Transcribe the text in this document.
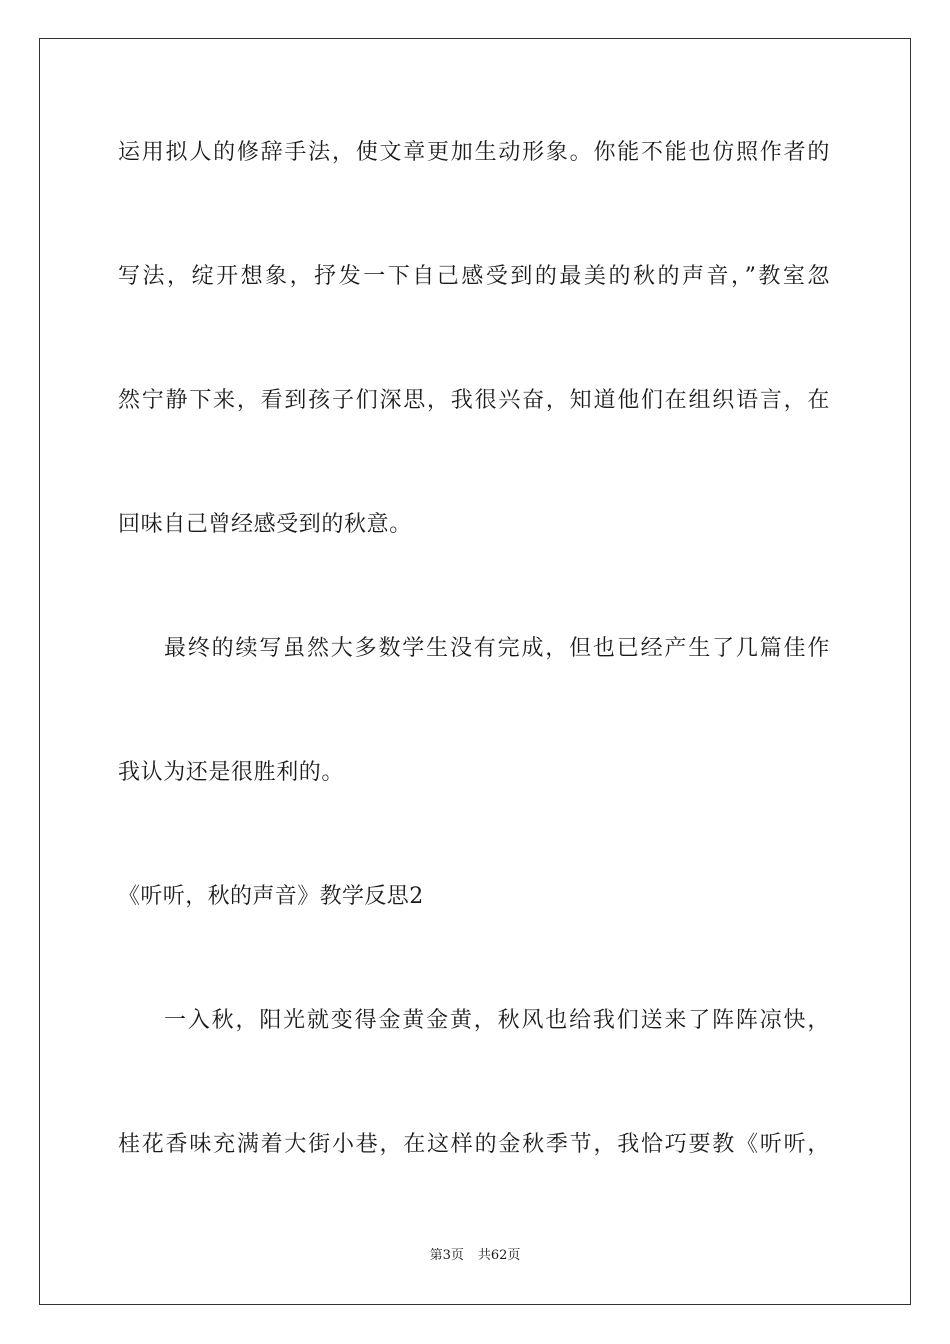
运用拟人的修辞手法，使文章更加生动形象。你能不能也仿照作者的
写法，绽开想象，抒发一下自己感受到的最美的秋的声音，”教室忽
然宁静下来，看到孩子们深思，我很兴奋，知道他们在组织语言，在
回味自己曾经感受到的秋意。
最终的续写虽然大多数学生没有完成，但也已经产生了几篇佳作
我认为还是很胜利的。
《听听，秋的声音》教学反思2
一入秋，阳光就变得金黄金黄，秋风也给我们送来了阵阵凉快，
桂花香味充满着大街小巷，在这样的金秋季节，我恰巧要教《听听，
第3页 共62页
